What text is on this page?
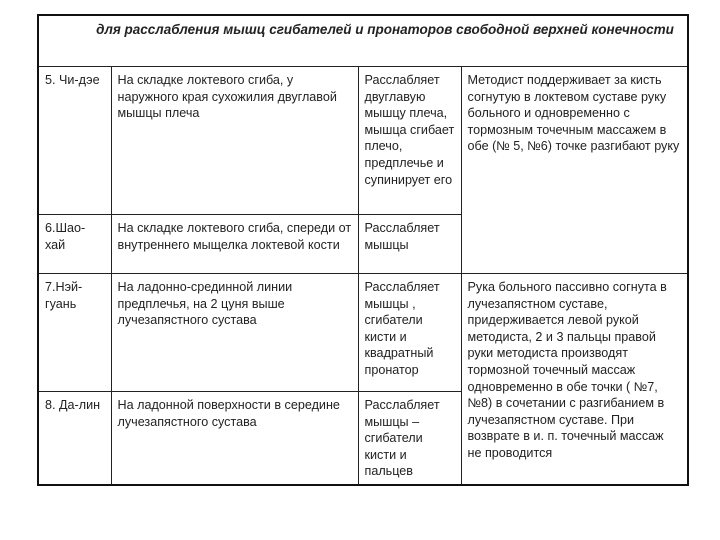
для расслабления мышц сгибателей и пронаторов свободной верхней конечности			
5. Чи-дэе	На складке локтевого сгиба, у наружного края сухожилия двуглавой мышцы плеча	Расслабляет двуглавую мышцу плеча, мышца сгибает плечо, предплечье и супинирует его	Методист поддерживает за кисть согнутую в локтевом суставе руку больного и одновременно с тормозным точечным массажем в обе (№ 5, №6) точке разгибают руку
6.Шао-хай	На складке локтевого сгиба, спереди от внутреннего мыщелка локтевой кости	Расслабляет мышцы	
7.Нэй-гуань	На ладонно-срединной линии предплечья, на 2 цуня выше лучезапястного сустава	Расслабляет мышцы , сгибатели кисти и квадратный пронатор	Рука больного пассивно согнута в лучезапястном суставе, придерживается левой рукой методиста, 2 и 3 пальцы правой руки методиста производят тормозной точечный массаж одновременно в обе точки ( №7, №8) в сочетании с разгибанием в лучезапястном суставе. При возврате в и. п. точечный массаж не проводится
8. Да-лин	На ладонной поверхности в середине лучезапястного сустава	Расслабляет мышцы – сгибатели кисти и пальцев	
